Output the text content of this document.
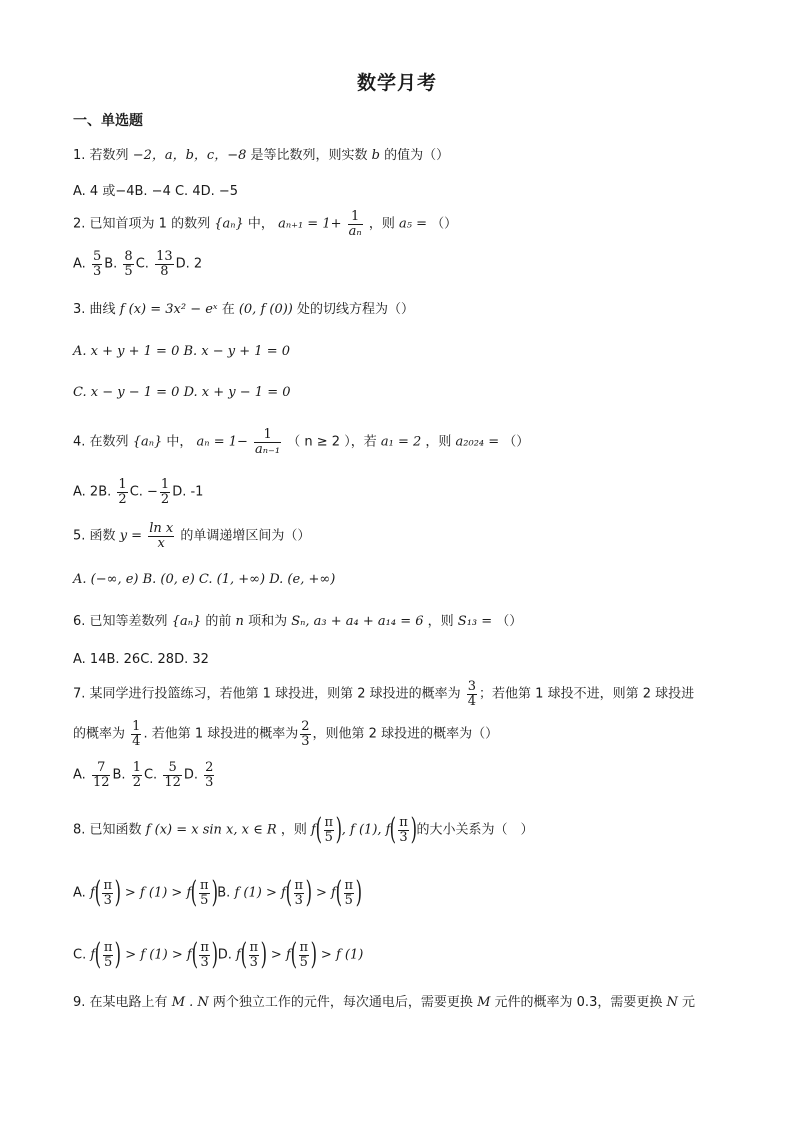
数学月考
一、单选题
1. 若数列 −2，a，b，c，−8 是等比数列，则实数 b 的值为（）
A. 4 或−4B. −4 C. 4D. −5
2. 已知首项为 1 的数列 {aₙ} 中， $a_{n+1} = 1+ \frac{1}{\text{aₙ}}$ ，则 a₅ = （）
A. $\frac{5}{3} B$. $\frac{8}{5} C$. $\frac{13}{8} D$. 2
3. 曲线 f (x) = 3x² − eˣ 在 (0, f (0)) 处的切线方程为（）
A. x + y + 1 = 0 B. x − y + 1 = 0
C. x − y − 1 = 0 D. x + y − 1 = 0
4. 在数列 {aₙ} 中， $a_n = 1- \frac{1}{\text{aₙ₋₁}}$ （ n ≥ 2 ），若 a₁ = 2 ，则 a₂₀₂₄ = （）
A. 2B. $\frac{1}{2} C$. − $\frac{1}{2} D$. -1
5. 函数 $y = \frac{\text{ln x}}{x}$ 的单调递增区间为（）
A. (−∞, e) B. (0, e) C. (1, +∞) D. (e, +∞)
6. 已知等差数列 {aₙ} 的前 n 项和为 Sₙ, a₃ + a₄ + a₁₄ = 6 ，则 S₁₃ = （）
A. 14B. 26C. 28D. 32
7. 某同学进行投篮练习，若他第 1 球投进，则第 2 球投进的概率为 $\frac{3}{4}$ ；若他第 1 球投不进，则第 2 球投进
的概率为 $\frac{1}{4}$ . 若他第 1 球投进的概率为 $\frac{2}{3}$ ，则他第 2 球投进的概率为（）
A. $\frac{7}{12} B$. $\frac{1}{2} C$. $\frac{5}{12} D$. $\frac{2}{3}$
8. 已知函数 f (x) = x sin x, x ∈ R ，则 $f( \frac{\pi}{5}$ ), f (1), $f( \frac{\pi}{3}$ )的大小关系为（　）
A. $f( \frac{\pi}{3}$ ) > f $(1) > f( \frac{\pi}{5} )B$. f $(1) > f( \frac{\pi}{3}$ ) > $f( \frac{\pi}{5}$ )
C. $f( \frac{\pi}{5}$ ) > f $(1) > f( \frac{\pi}{3} )D$. $f( \frac{\pi}{3}$ ) > $f( \frac{\pi}{5}$ ) > f (1)
9. 在某电路上有 M . N 两个独立工作的元件，每次通电后，需要更换 M 元件的概率为 0.3，需要更换 N 元
